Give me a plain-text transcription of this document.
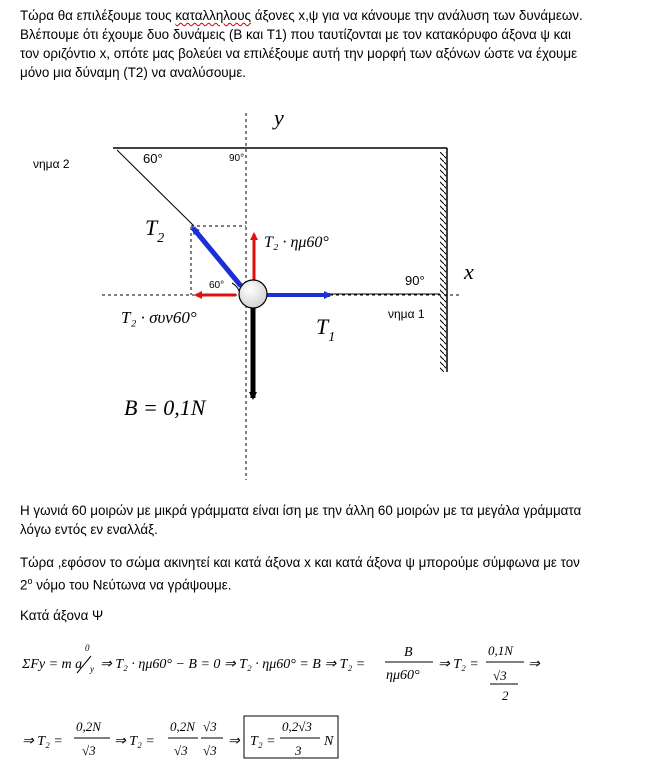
Τώρα θα επιλέξουμε τους καταλληλους άξονες x,ψ για να κάνουμε την ανάλυση των δυνάμεων.
Βλέπουμε ότι έχουμε δυο δυνάμεις (Β και Τ1) που ταυτίζονται με τον κατακόρυφο άξονα ψ και
τον οριζόντιο x, οπότε μας βολεύει να επιλέξουμε αυτή την μορφή των αξόνων ώστε να έχουμε
μόνο μια δύναμη (Τ2) να αναλύσουμε.
y
x
νημα 2
νημα 1
60°	90°
60°	90°
$T_2$	T₂ · ημ60°
T₂ · συν60°	$T_1$
B = 0,1N
Η γωνιά 60 μοιρών με μικρά γράμματα είναι ίση με την άλλη 60 μοιρών με τα μεγάλα γράμματα
λόγω εντός εν εναλλάξ.
Τώρα ,εφόσον το σώμα ακινητεί και κατά άξονα x και κατά άξονα ψ μπορούμε σύμφωνα με τον
$2^o$ νόμο του Νεύτωνα να γράψουμε.
Κατά άξονα Ψ
ΣFy = m a
0
y ⇒ T₂ · ημ60° − B = 0 ⇒ T₂ · ημ60° = B ⇒ T₂ =
B
ημ60°
⇒ T₂ =
0,1N
√3
2
⇒
⇒ T₂ =
0,2N
√3
⇒ T₂ =
0,2N
√3
√3
√3
⇒ T₂ =
0,2√3
3
N
